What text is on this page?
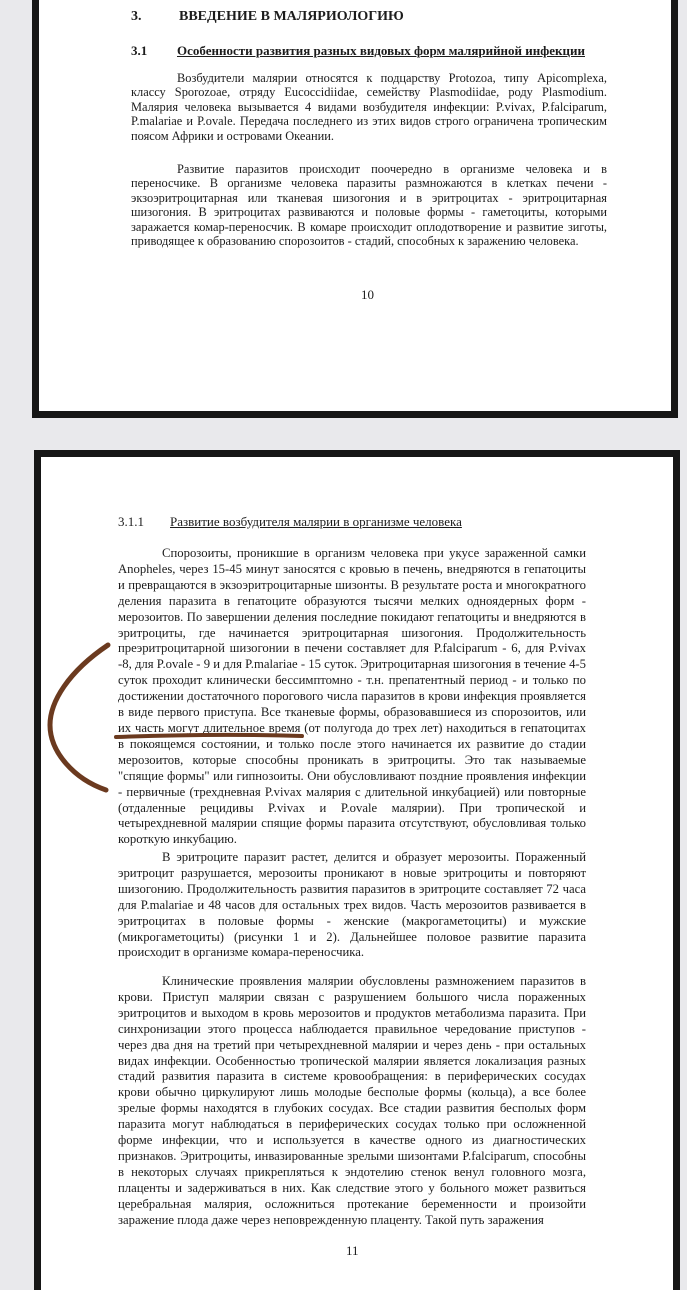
3.	ВВЕДЕНИЕ В МАЛЯРИОЛОГИЮ
3.1 Особенности развития разных видовых форм малярийной инфекции

Возбудители малярии относятся к подцарству Protozoa, типу Apicomplexa, классу Sporozoae, отряду Eucoccidiidae, семейству Plasmodiidae, роду Plasmodium. Малярия человека вызывается 4 видами возбудителя инфекции: P.vivax, P.falciparum, P.malariae и P.ovale. Передача последнего из этих видов строго ограничена тропическим поясом Африки и островами Океании.

Развитие паразитов происходит поочередно в организме человека и в переносчике. В организме человека паразиты размножаются в клетках печени - экзоэритроцитарная или тканевая шизогония и в эритроцитах - эритроцитарная шизогония. В эритроцитах развиваются и половые формы - гаметоциты, которыми заражается комар-переносчик. В комаре происходит оплодотворение и развитие зиготы, приводящее к образованию спорозоитов - стадий, способных к заражению человека.

10
3.1.1 Развитие возбудителя малярии в организме человека

Спорозоиты, проникшие в организм человека при укусе зараженной самки Anopheles, через 15-45 минут заносятся с кровью в печень, внедряются в гепатоциты и превращаются в экзоэритроцитарные шизонты. В результате роста и многократного деления паразита в гепатоците образуются тысячи мелких одноядерных форм - мерозоитов. По завершении деления последние покидают гепатоциты и внедряются в эритроциты, где начинается эритроцитарная шизогония. Продолжительность преэритроцитарной шизогонии в печени составляет для P.falciparum - 6, для P.vivax -8, для P.ovale - 9 и для P.malariae - 15 суток. Эритроцитарная шизогония в течение 4-5 суток проходит клинически бессимптомно - т.н. препатентный период - и только по достижении достаточного порогового числа паразитов в крови инфекция проявляется в виде первого приступа. Все тканевые формы, образовавшиеся из спорозоитов, или их часть могут длительное время (от полугода до трех лет) находиться в гепатоцитах в покоящемся состоянии, и только после этого начинается их развитие до стадии мерозоитов, которые способны проникать в эритроциты. Это так называемые "спящие формы" или гипнозоиты. Они обусловливают поздние проявления инфекции - первичные (трехдневная P.vivax малярия с длительной инкубацией) или повторные (отдаленные рецидивы P.vivax и P.ovale малярии). При тропической и четырехдневной малярии спящие формы паразита отсутствуют, обусловливая только короткую инкубацию.

В эритроците паразит растет, делится и образует мерозоиты. Пораженный эритроцит разрушается, мерозоиты проникают в новые эритроциты и повторяют шизогонию. Продолжительность развития паразитов в эритроците составляет 72 часа для P.malariae и 48 часов для остальных трех видов. Часть мерозоитов развивается в эритроцитах в половые формы - женские (макрогаметоциты) и мужские (микрогаметоциты) (рисунки 1 и 2). Дальнейшее половое развитие паразита происходит в организме комара-переносчика.

Клинические проявления малярии обусловлены размножением паразитов в крови. Приступ малярии связан с разрушением большого числа пораженных эритроцитов и выходом в кровь мерозоитов и продуктов метаболизма паразита. При синхронизации этого процесса наблюдается правильное чередование приступов - через два дня на третий при четырехдневной малярии и через день - при остальных видах инфекции. Особенностью тропической малярии является локализация разных стадий развития паразита в системе кровообращения: в периферических сосудах крови обычно циркулируют лишь молодые бесполые формы (кольца), а все более зрелые формы находятся в глубоких сосудах. Все стадии развития бесполых форм паразита могут наблюдаться в периферических сосудах только при осложненной форме инфекции, что и используется в качестве одного из диагностических признаков. Эритроциты, инвазированные зрелыми шизонтами P.falciparum, способны в некоторых случаях прикрепляться к эндотелию стенок венул головного мозга, плаценты и задерживаться в них. Как следствие этого у больного может развиться церебральная малярия, осложниться протекание беременности и произойти заражение плода даже через неповрежденную плаценту. Такой путь заражения

11
